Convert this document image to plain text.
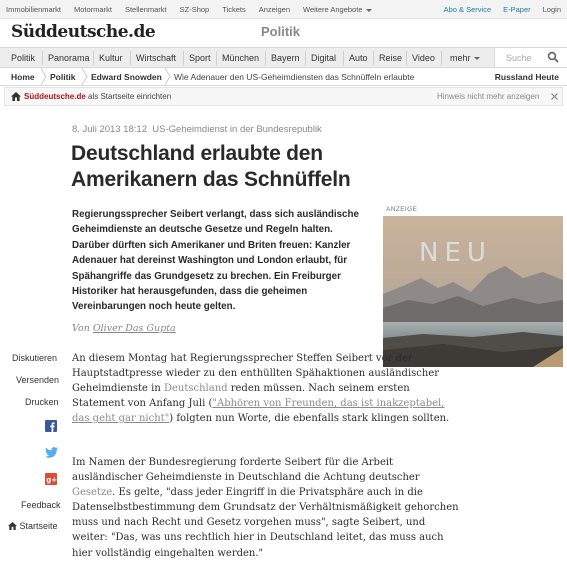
Immobilienmarkt Motormarkt Stellenmarkt SZ-Shop Tickets Anzeigen Weitere Angebote	Abo & Service E-Paper Login
Süddeutsche.de	Politik
Politik Panorama Kultur Wirtschaft Sport München Bayern Digital Auto Reise Video mehr	Suche
Home Politik Edward Snowden Wie Adenauer den US-Geheimdiensten das Schnüffeln erlaubte	Russland Heute
Süddeutsche.de als Startseite einrichten	Hinweis nicht mehr anzeigen
8. Juli 2013 18:12 US-Geheimdienst in der Bundesrepublik
Deutschland erlaubte den Amerikanern das Schnüffeln

Regierungssprecher Seibert verlangt, dass sich ausländische Geheimdienste an deutsche Gesetze und Regeln halten. Darüber dürften sich Amerikaner und Briten freuen: Kanzler Adenauer hat dereinst Washington und London erlaubt, für Spähangriffe das Grundgesetz zu brechen. Ein Freiburger Historiker hat herausgefunden, dass die geheimen Vereinbarungen noch heute gelten.

Von Oliver Das Gupta
ANZEIGE
NEU
Diskutieren
Versenden
Drucken
g+
Feedback
Startseite

An diesem Montag hat Regierungssprecher Steffen Seibert vor der Hauptstadtpresse wieder zu den enthüllten Spähaktionen ausländischer Geheimdienste in Deutschland reden müssen. Nach seinem ersten Statement von Anfang Juli ("Abhören von Freunden, das ist inakzeptabel, das geht gar nicht") folgten nun Worte, die ebenfalls stark klingen sollten.

Im Namen der Bundesregierung forderte Seibert für die Arbeit ausländischer Geheimdienste in Deutschland die Achtung deutscher Gesetze. Es gelte, "dass jeder Eingriff in die Privatsphäre auch in die Datenselbstbestimmung dem Grundsatz der Verhältnismäßigkeit gehorchen muss und nach Recht und Gesetz vorgehen muss", sagte Seibert, und weiter: "Das, was uns rechtlich hier in Deutschland leitet, das muss auch hier vollständig eingehalten werden."
